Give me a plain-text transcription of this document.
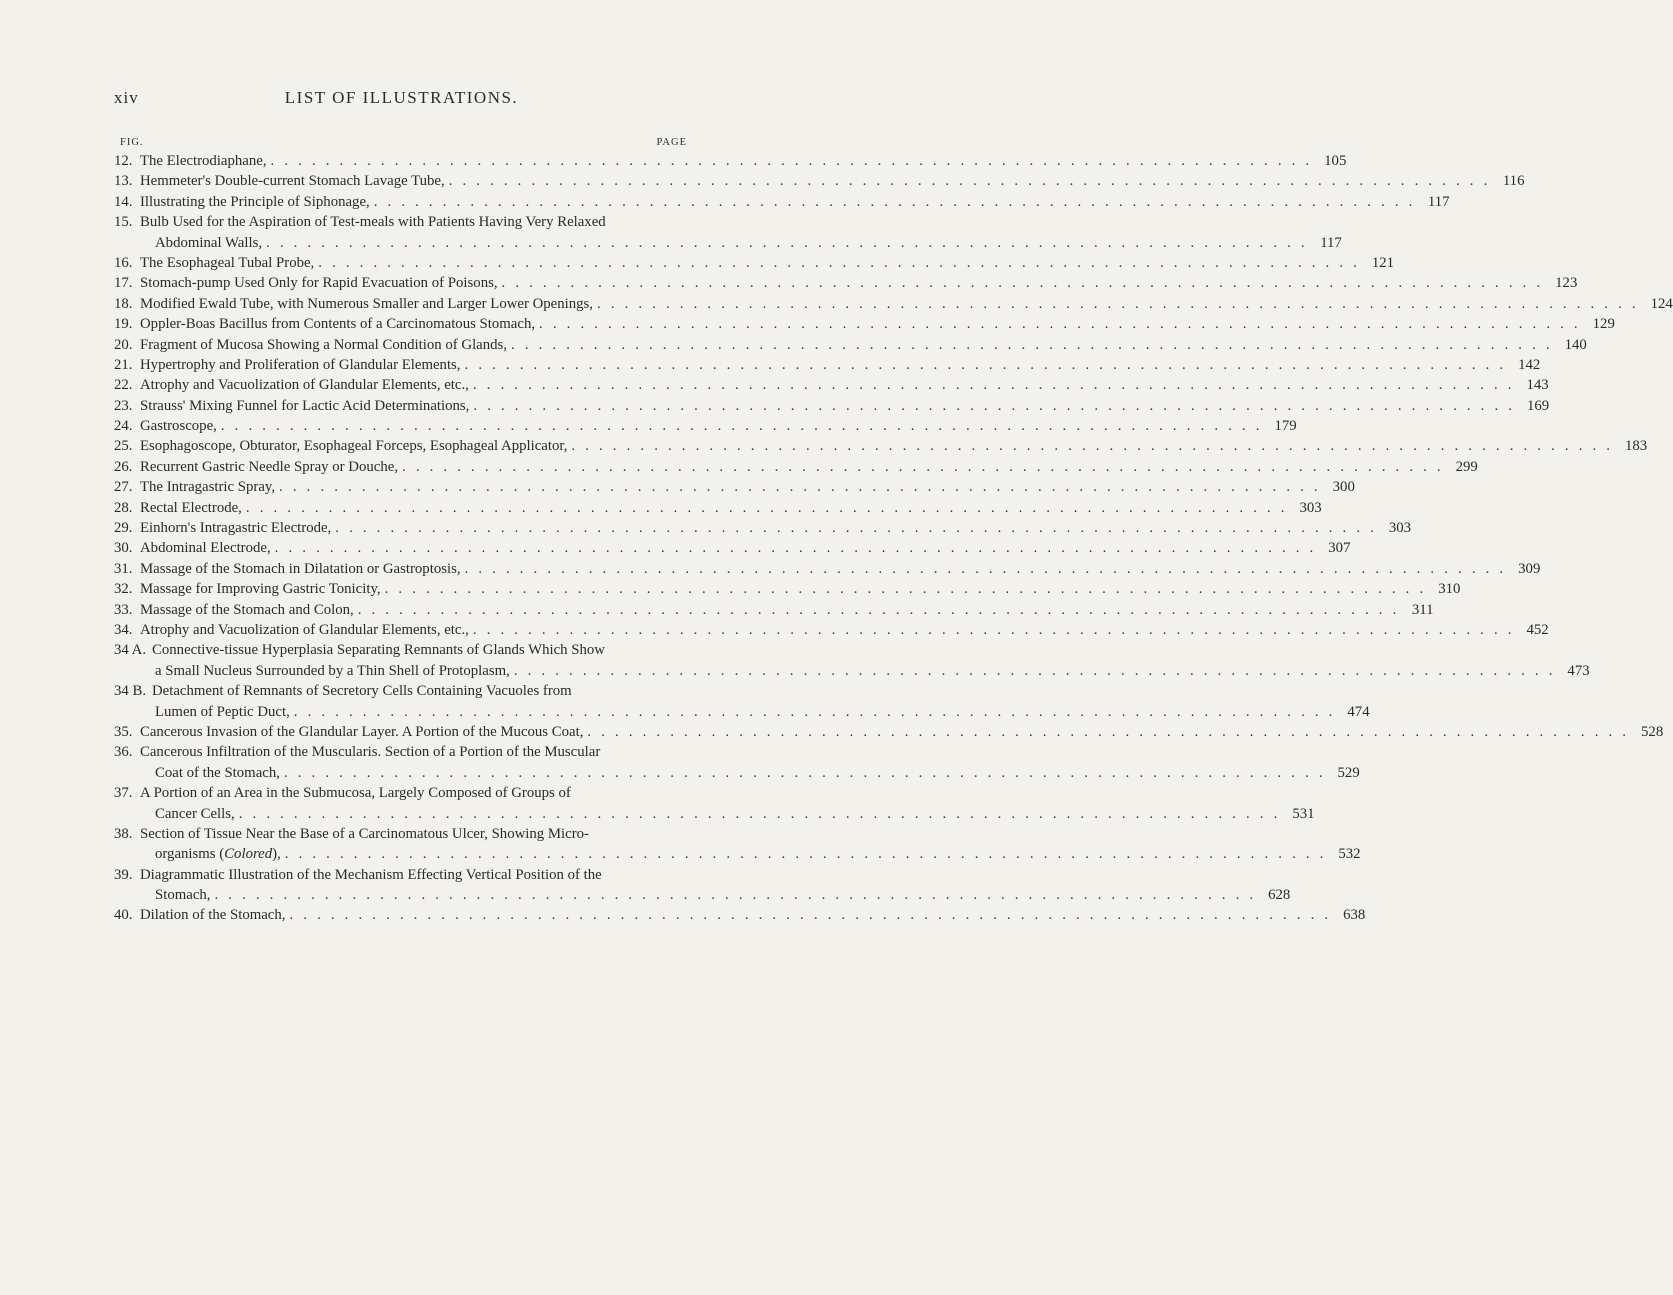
xiv	LIST OF ILLUSTRATIONS.
FIG.	PAGE
12. The Electrodiaphane, . . .	105
13. Hemmeter's Double-current Stomach Lavage Tube, . . .	116
14. Illustrating the Principle of Siphonage, . . .	117
15. Bulb Used for the Aspiration of Test-meals with Patients Having Very Relaxed
Abdominal Walls, . . .	117
16. The Esophageal Tubal Probe, . . .	121
17. Stomach-pump Used Only for Rapid Evacuation of Poisons, . . .	123
18. Modified Ewald Tube, with Numerous Smaller and Larger Lower Openings, . . .	124
19. Oppler-Boas Bacillus from Contents of a Carcinomatous Stomach, . . .	129
20. Fragment of Mucosa Showing a Normal Condition of Glands, . . .	140
21. Hypertrophy and Proliferation of Glandular Elements, . . .	142
22. Atrophy and Vacuolization of Glandular Elements, etc., . . .	143
23. Strauss' Mixing Funnel for Lactic Acid Determinations, . . .	169
24. Gastroscope, . . .	179
25. Esophagoscope, Obturator, Esophageal Forceps, Esophageal Applicator, . . .	183
26. Recurrent Gastric Needle Spray or Douche, . . .	299
27. The Intragastric Spray, . . .	300
28. Rectal Electrode, . . .	303
29. Einhorn's Intragastric Electrode, . . .	303
30. Abdominal Electrode, . . .	307
31. Massage of the Stomach in Dilatation or Gastroptosis, . . .	309
32. Massage for Improving Gastric Tonicity, . . .	310
33. Massage of the Stomach and Colon, . . .	311
34. Atrophy and Vacuolization of Glandular Elements, etc., . . .	452
34 A. Connective-tissue Hyperplasia Separating Remnants of Glands Which Show
a Small Nucleus Surrounded by a Thin Shell of Protoplasm, . . .	473
34 B. Detachment of Remnants of Secretory Cells Containing Vacuoles from
Lumen of Peptic Duct, . . .	474
35. Cancerous Invasion of the Glandular Layer. A Portion of the Mucous Coat, . . .	528
36. Cancerous Infiltration of the Muscularis. Section of a Portion of the Muscular
Coat of the Stomach, . . .	529
37. A Portion of an Area in the Submucosa, Largely Composed of Groups of
Cancer Cells, . . .	531
38. Section of Tissue Near the Base of a Carcinomatous Ulcer, Showing Micro-
organisms (Colored), . . .	532
39. Diagrammatic Illustration of the Mechanism Effecting Vertical Position of the
Stomach, . . .	628
40. Dilation of the Stomach, . . .	638
